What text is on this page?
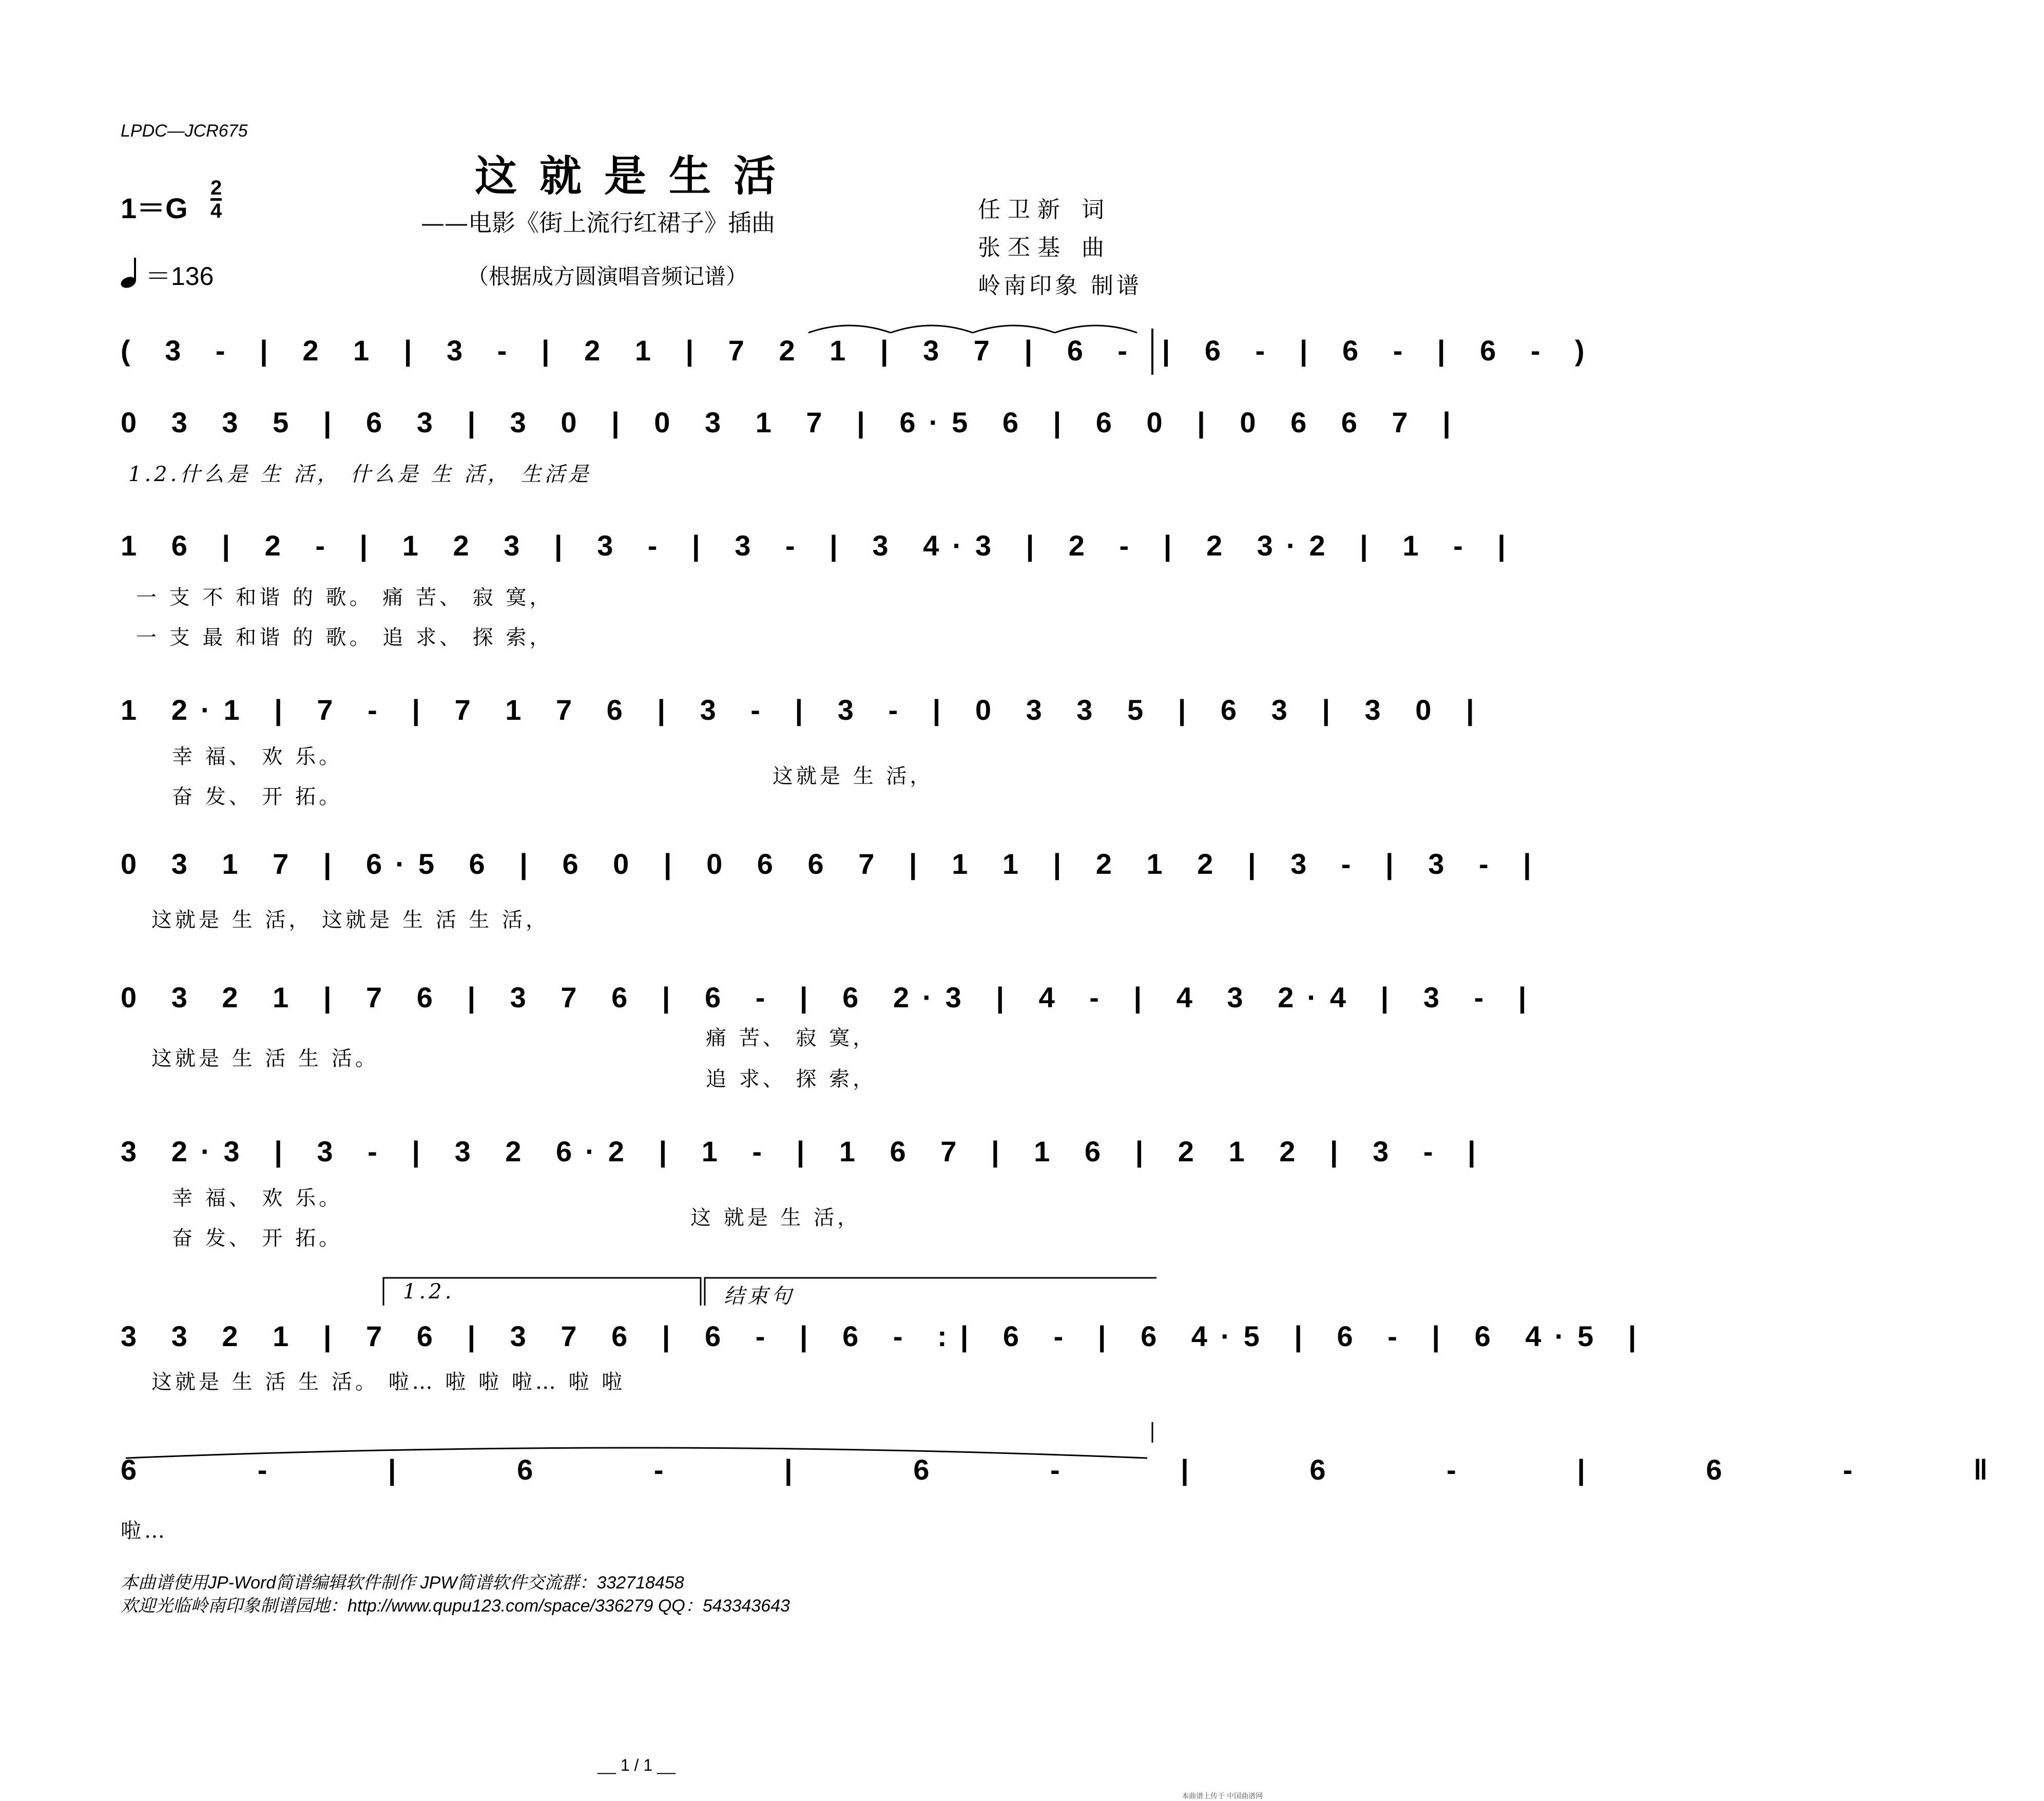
LPDC—JCR675
这就是生活
——电影《街上流行红裙子》插曲
（根据成方圆演唱音频记谱）
$1=G \frac{2}{4}$
＝136
任卫新 词
张丕基 曲
岭南印象 制谱
( 3 - | 2 1 | 3 - | 2 1 | 7 2 1 | 3 7 | 6 - | 6 - | 6 - | 6 - )
0 3 3 5 | 6 3 | 3 0 | 0 3 1 7 | 6·5 6 | 6 0 | 0 6 6 7 |
1.2.什么是 生 活， 什么是 生 活， 生活是
1 6 | 2 - | 1 2 3 | 3 - | 3 - | 3 4·3 | 2 - | 2 3·2 | 1 - |
一 支 不 和谐 的 歌。 痛 苦、 寂 寞，
一 支 最 和谐 的 歌。 追 求、 探 索，
1 2·1 | 7 - | 7 1 7 6 | 3 - | 3 - | 0 3 3 5 | 6 3 | 3 0 |
幸 福、 欢 乐。
奋 发、 开 拓。
这就是 生 活，
0 3 1 7 | 6·5 6 | 6 0 | 0 6 6 7 | 1 1 | 2 1 2 | 3 - | 3 - |
这就是 生 活， 这就是 生 活 生 活，
0 3 2 1 | 7 6 | 3 7 6 | 6 - | 6 2·3 | 4 - | 4 3 2·4 | 3 - |
这就是 生 活 生 活。
痛 苦、 寂 寞，
追 求、 探 索，
3 2·3 | 3 - | 3 2 6·2 | 1 - | 1 6 7 | 1 6 | 2 1 2 | 3 - |
幸 福、 欢 乐。
奋 发、 开 拓。
这 就是 生 活，
1.2.	结束句
3 3 2 1 | 7 6 | 3 7 6 | 6 - | 6 - :| 6 - | 6 4·5 | 6 - | 6 4·5 |
这就是 生 活 生 活。 啦… 啦 啦 啦… 啦 啦
6 - | 6 - | 6 - | 6 - | 6 - ‖
啦…
本曲谱使用JP-Word简谱编辑软件制作 JPW简谱软件交流群：332718458
欢迎光临岭南印象制谱园地：http://www.qupu123.com/space/336279 QQ：543343643
__ 1 / 1 __
本曲谱上传于 中国曲谱网
